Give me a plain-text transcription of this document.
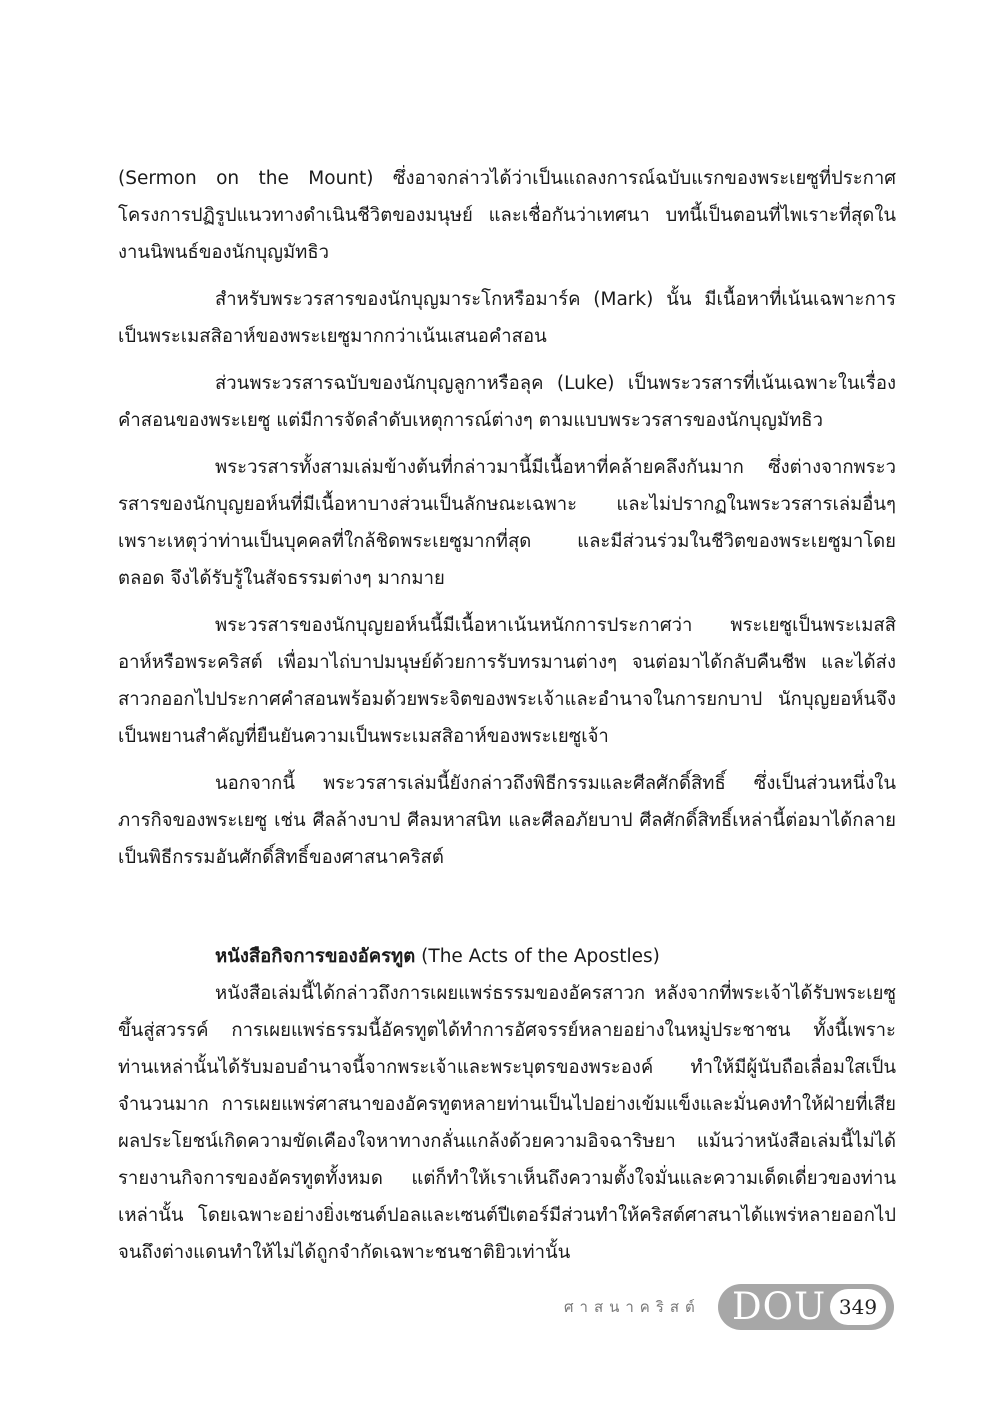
(Sermon on the Mount) ซึ่งอาจกล่าวได้ว่าเป็นแถลงการณ์ฉบับแรกของพระเยซูที่ประกาศโครงการปฏิรูปแนวทางดำเนินชีวิตของมนุษย์ และเชื่อกันว่าเทศนา บทนี้เป็นตอนที่ไพเราะที่สุดในงานนิพนธ์ของนักบุญมัทธิว

สำหรับพระวรสารของนักบุญมาระโกหรือมาร์ค (Mark) นั้น มีเนื้อหาที่เน้นเฉพาะการเป็นพระเมสสิอาห์ของพระเยซูมากกว่าเน้นเสนอคำสอน

ส่วนพระวรสารฉบับของนักบุญลูกาหรือลุค (Luke) เป็นพระวรสารที่เน้นเฉพาะในเรื่องคำสอนของพระเยซู แต่มีการจัดลำดับเหตุการณ์ต่างๆ ตามแบบพระวรสารของนักบุญมัทธิว

พระวรสารทั้งสามเล่มข้างต้นที่กล่าวมานี้มีเนื้อหาที่คล้ายคลึงกันมาก ซึ่งต่างจากพระวรสารของนักบุญยอห์นที่มีเนื้อหาบางส่วนเป็นลักษณะเฉพาะ และไม่ปรากฏในพระวรสารเล่มอื่นๆ เพราะเหตุว่าท่านเป็นบุคคลที่ใกล้ชิดพระเยซูมากที่สุด และมีส่วนร่วมในชีวิตของพระเยซูมาโดยตลอด จึงได้รับรู้ในสัจธรรมต่างๆ มากมาย

พระวรสารของนักบุญยอห์นนี้มีเนื้อหาเน้นหนักการประกาศว่า พระเยซูเป็นพระเมสสิอาห์หรือพระคริสต์ เพื่อมาไถ่บาปมนุษย์ด้วยการรับทรมานต่างๆ จนต่อมาได้กลับคืนชีพ และได้ส่งสาวกออกไปประกาศคำสอนพร้อมด้วยพระจิตของพระเจ้าและอำนาจในการยกบาป นักบุญยอห์นจึงเป็นพยานสำคัญที่ยืนยันความเป็นพระเมสสิอาห์ของพระเยซูเจ้า

นอกจากนี้ พระวรสารเล่มนี้ยังกล่าวถึงพิธีกรรมและศีลศักดิ์สิทธิ์ ซึ่งเป็นส่วนหนึ่งในภารกิจของพระเยซู เช่น ศีลล้างบาป ศีลมหาสนิท และศีลอภัยบาป ศีลศักดิ์สิทธิ์เหล่านี้ต่อมาได้กลายเป็นพิธีกรรมอันศักดิ์สิทธิ์ของศาสนาคริสต์

หนังสือกิจการของอัครทูต (The Acts of the Apostles)

หนังสือเล่มนี้ได้กล่าวถึงการเผยแพร่ธรรมของอัครสาวก หลังจากที่พระเจ้าได้รับพระเยซูขึ้นสู่สวรรค์ การเผยแพร่ธรรมนี้อัครทูตได้ทำการอัศจรรย์หลายอย่างในหมู่ประชาชน ทั้งนี้เพราะท่านเหล่านั้นได้รับมอบอำนาจนี้จากพระเจ้าและพระบุตรของพระองค์ ทำให้มีผู้นับถือเลื่อมใสเป็นจำนวนมาก การเผยแพร่ศาสนาของอัครทูตหลายท่านเป็นไปอย่างเข้มแข็งและมั่นคงทำให้ฝ่ายที่เสียผลประโยชน์เกิดความขัดเคืองใจหาทางกลั่นแกล้งด้วยความอิจฉาริษยา แม้นว่าหนังสือเล่มนี้ไม่ได้รายงานกิจการของอัครทูตทั้งหมด แต่ก็ทำให้เราเห็นถึงความตั้งใจมั่นและความเด็ดเดี่ยวของท่านเหล่านั้น โดยเฉพาะอย่างยิ่งเซนต์ปอลและเซนต์ปีเตอร์มีส่วนทำให้คริสต์ศาสนาได้แพร่หลายออกไปจนถึงต่างแดนทำให้ไม่ได้ถูกจำกัดเฉพาะชนชาติยิวเท่านั้น

ศาสนาคริสต์ DOU 349
